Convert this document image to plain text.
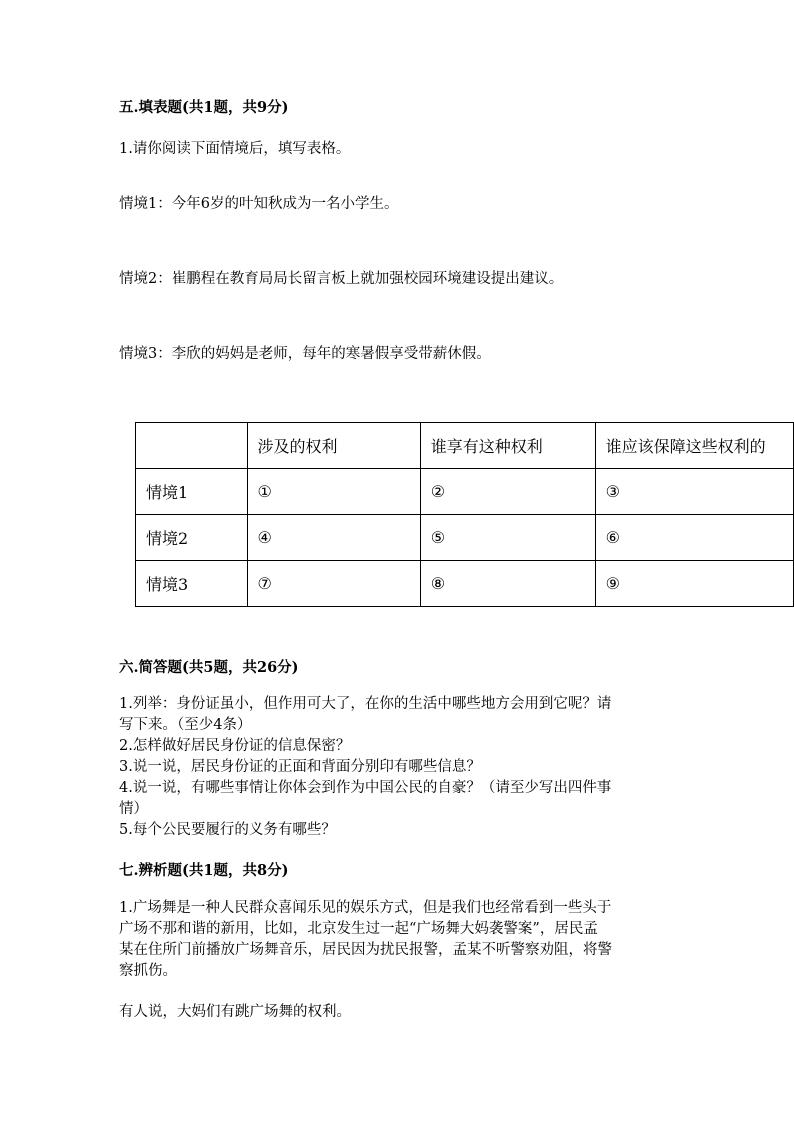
五.填表题(共1题，共9分)
1.请你阅读下面情境后，填写表格。
情境1：今年6岁的叶知秋成为一名小学生。
情境2：崔鹏程在教育局局长留言板上就加强校园环境建设提出建议。
情境3：李欣的妈妈是老师，每年的寒暑假享受带薪休假。
	涉及的权利	谁享有这种权利	谁应该保障这些权利的
情境1	①	②	③
情境2	④	⑤	⑥
情境3	⑦	⑧	⑨
六.简答题(共5题，共26分)
1.列举：身份证虽小，但作用可大了，在你的生活中哪些地方会用到它呢？请
写下来。（至少4条）
2.怎样做好居民身份证的信息保密？
3.说一说，居民身份证的正面和背面分别印有哪些信息？
4.说一说，有哪些事情让你体会到作为中国公民的自豪？（请至少写出四件事
情）
5.每个公民要履行的义务有哪些？
七.辨析题(共1题，共8分)
1.广场舞是一种人民群众喜闻乐见的娱乐方式，但是我们也经常看到一些头于
广场不那和谐的新用，比如，北京发生过一起“广场舞大妈袭警案”，居民孟
某在住所门前播放广场舞音乐，居民因为扰民报警，孟某不听警察劝阻，将警
察抓伤。
有人说，大妈们有跳广场舞的权利。
